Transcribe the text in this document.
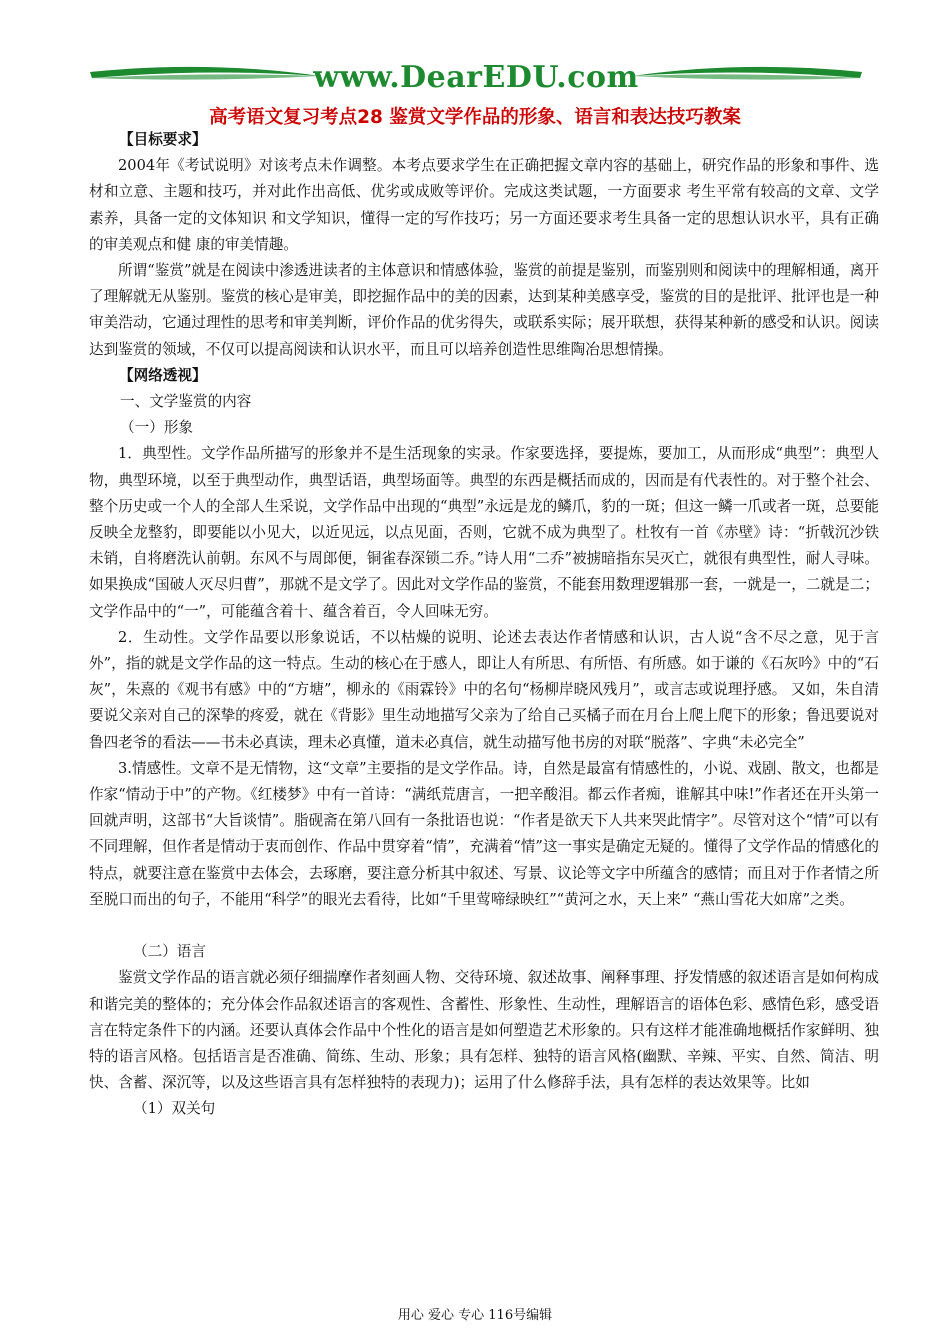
www.DearEDU.com
高考语文复习考点28 鉴赏文学作品的形象、语言和表达技巧教案

【目标要求】

2004年《考试说明》对该考点未作调整。本考点要求学生在正确把握文章内容的基础上，研究作品的形象和事件、选 材和立意、主题和技巧，并对此作出高低、优劣或成败等评价。完成这类试题，一方面要求 考生平常有较高的文章、文学素养，具备一定的文体知识 和文学知识，懂得一定的写作技巧；另一方面还要求考生具备一定的思想认识水平，具有正确的审美观点和健 康的审美情趣。

所谓“鉴赏”就是在阅读中渗透进读者的主体意识和情感体验，鉴赏的前提是鉴别，而鉴别则和阅读中的理解相通，离开了理解就无从鉴别。鉴赏的核心是审美，即挖掘作品中的美的因素，达到某种美感享受，鉴赏的目的是批评、批评也是一种审美浩动，它通过理性的思考和审美判断，评价作品的优劣得失，或联系实际；展开联想，获得某种新的感受和认识。阅读达到鉴赏的领域，不仅可以提高阅读和认识水平，而且可以培养创造性思维陶冶思想情操。

【网络透视】

一、文学鉴赏的内容

（一）形象

1．典型性。文学作品所描写的形象并不是生活现象的实录。作家要选择，要提炼，要加工，从而形成“典型”：典型人物，典型环境，以至于典型动作，典型话语，典型场面等。典型的东西是概括而成的，因而是有代表性的。对于整个社会、整个历史或一个人的全部人生采说，文学作品中出现的“典型”永远是龙的鳞爪，豹的一斑；但这一鳞一爪或者一斑，总要能反映全龙整豹，即要能以小见大，以近见远，以点见面，否则，它就不成为典型了。杜牧有一首《赤壁》诗：“折戟沉沙铁未销，自将磨洗认前朝。东风不与周郎便，铜雀春深锁二乔。”诗人用“二乔”被掳暗指东吴灭亡，就很有典型性，耐人寻味。如果换成“国破人灭尽归曹”，那就不是文学了。因此对文学作品的鉴赏，不能套用数理逻辑那一套，一就是一，二就是二；文学作品中的“一”，可能蕴含着十、蕴含着百，令人回味无穷。

2．生动性。文学作品要以形象说话，不以枯燥的说明、论述去表达作者情感和认识，古人说“含不尽之意，见于言外”，指的就是文学作品的这一特点。生动的核心在于感人，即让人有所思、有所悟、有所感。如于谦的《石灰吟》中的“石灰”，朱熹的《观书有感》中的“方塘”，柳永的《雨霖铃》中的名句“杨柳岸晓风残月”，或言志或说理抒感。 又如，朱自清要说父亲对自己的深挚的疼爱，就在《背影》里生动地描写父亲为了给自己买橘子而在月台上爬上爬下的形象；鲁迅要说对鲁四老爷的看法——书未必真读，理未必真懂，道未必真信，就生动描写他书房的对联“脱落”、字典“未必完全”

3.情感性。文章不是无情物，这“文章”主要指的是文学作品。诗，自然是最富有情感性的，小说、戏剧、散文，也都是作家“情动于中”的产物。《红楼梦》中有一首诗：“满纸荒唐言，一把辛酸泪。都云作者痴，谁解其中味!”作者还在开头第一回就声明，这部书“大旨谈情”。脂砚斋在第八回有一条批语也说：“作者是欲天下人共来哭此情字”。尽管对这个“情”可以有不同理解，但作者是情动于衷而创作、作品中贯穿着“情”，充满着“情”这一事实是确定无疑的。懂得了文学作品的情感化的特点，就要注意在鉴赏中去体会，去琢磨，要注意分析其中叙述、写景、议论等文字中所蕴含的感情；而且对于作者情之所至脱口而出的句子，不能用“科学”的眼光去看待，比如“千里莺啼绿映红”“黄河之水，天上来” “燕山雪花大如席”之类。

（二）语言

鉴赏文学作品的语言就必须仔细揣摩作者刻画人物、交待环境、叙述故事、阐释事理、抒发情感的叙述语言是如何构成和谐完美的整体的；充分体会作品叙述语言的客观性、含蓄性、形象性、生动性，理解语言的语体色彩、感情色彩，感受语言在特定条件下的内涵。还要认真体会作品中个性化的语言是如何塑造艺术形象的。只有这样才能准确地概括作家鲜明、独特的语言风格。包括语言是否准确、简练、生动、形象；具有怎样、独特的语言风格(幽默、辛辣、平实、自然、简洁、明快、含蓄、深沉等，以及这些语言具有怎样独特的表现力)；运用了什么修辞手法，具有怎样的表达效果等。比如

（1）双关句

用心 爱心 专心 116号编辑
